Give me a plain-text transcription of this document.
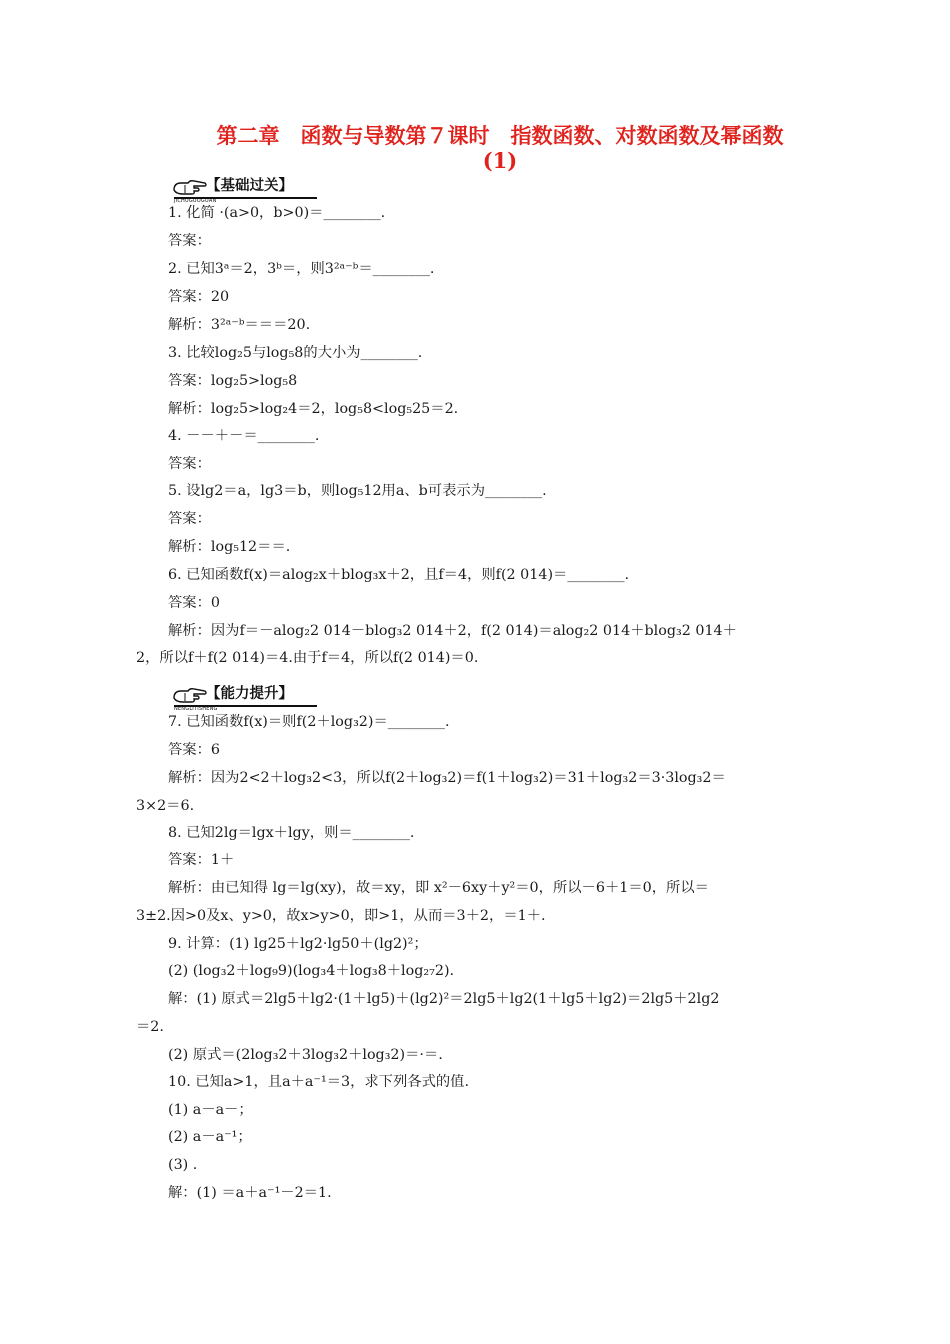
第二章　函数与导数第７课时　指数函数、对数函数及幂函数
(1)
【基础过关】
JICHUGUOGUAN
【能力提升】
NENGLITISHENG
1. 化简 ·(a>0，b>0)＝________.
答案：
2. 已知3ᵃ＝2，3ᵇ＝，则3²ᵃ⁻ᵇ＝________.
答案：20
解析：3²ᵃ⁻ᵇ＝＝＝20.
3. 比较log₂5与log₅8的大小为________.
答案：log₂5>log₅8
解析：log₂5>log₂4＝2，log₅8<log₅25＝2.
4. －－＋－＝________.
答案：
5. 设lg2＝a，lg3＝b，则log₅12用a、b可表示为________.
答案：
解析：log₅12＝＝.
6. 已知函数f(x)＝alog₂x＋blog₃x＋2，且f＝4，则f(2 014)＝________.
答案：0
解析：因为f＝－alog₂2 014－blog₃2 014＋2，f(2 014)＝alog₂2 014＋blog₃2 014＋
2，所以f＋f(2 014)＝4.由于f＝4，所以f(2 014)＝0.
7. 已知函数f(x)＝则f(2＋log₃2)＝________.
答案：6
解析：因为2<2＋log₃2<3，所以f(2＋log₃2)＝f(1＋log₃2)＝31＋log₃2＝3·3log₃2＝
3×2＝6.
8. 已知2lg＝lgx＋lgy，则＝________.
答案：1＋
解析：由已知得 lg＝lg(xy)，故＝xy，即 x²－6xy＋y²＝0，所以－6＋1＝0，所以＝
3±2.因>0及x、y>0，故x>y>0，即>1，从而＝3＋2，＝1＋.
9. 计算：(1) lg25＋lg2·lg50＋(lg2)²；
(2) (log₃2＋log₉9)(log₃4＋log₃8＋log₂₇2).
解：(1) 原式＝2lg5＋lg2·(1＋lg5)＋(lg2)²＝2lg5＋lg2(1＋lg5＋lg2)＝2lg5＋2lg2
＝2.
(2) 原式＝(2log₃2＋3log₃2＋log₃2)＝·＝.
10. 已知a>1，且a＋a⁻¹＝3，求下列各式的值.
(1) a－a－；
(2) a－a⁻¹；
(3) .
解：(1) ＝a＋a⁻¹－2＝1.
